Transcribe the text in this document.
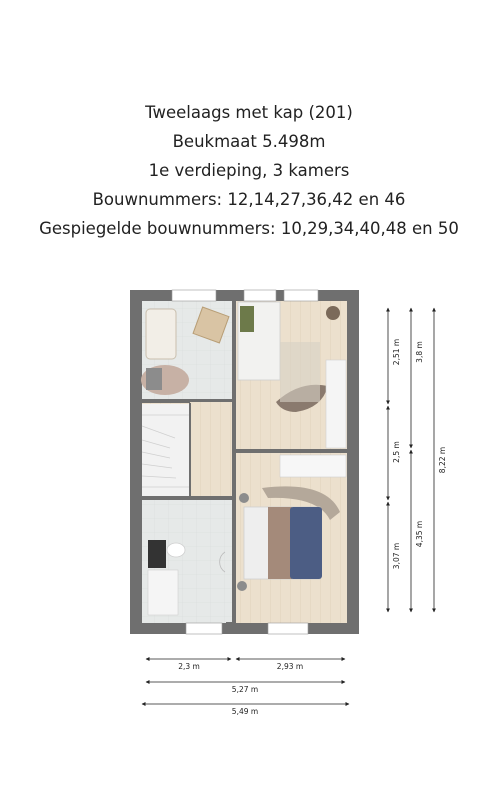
Tweelaags met kap (201)
Beukmaat 5.498m
1e verdieping, 3 kamers
Bouwnummers: 12,14,27,36,42 en 46
Gespiegelde bouwnummers: 10,29,34,40,48 en 50
2,51 m 3,8 m
8,22 m
2,5 m
3,07 m
4,35 m
2,3 m	2,93 m
5,27 m
5,49 m
